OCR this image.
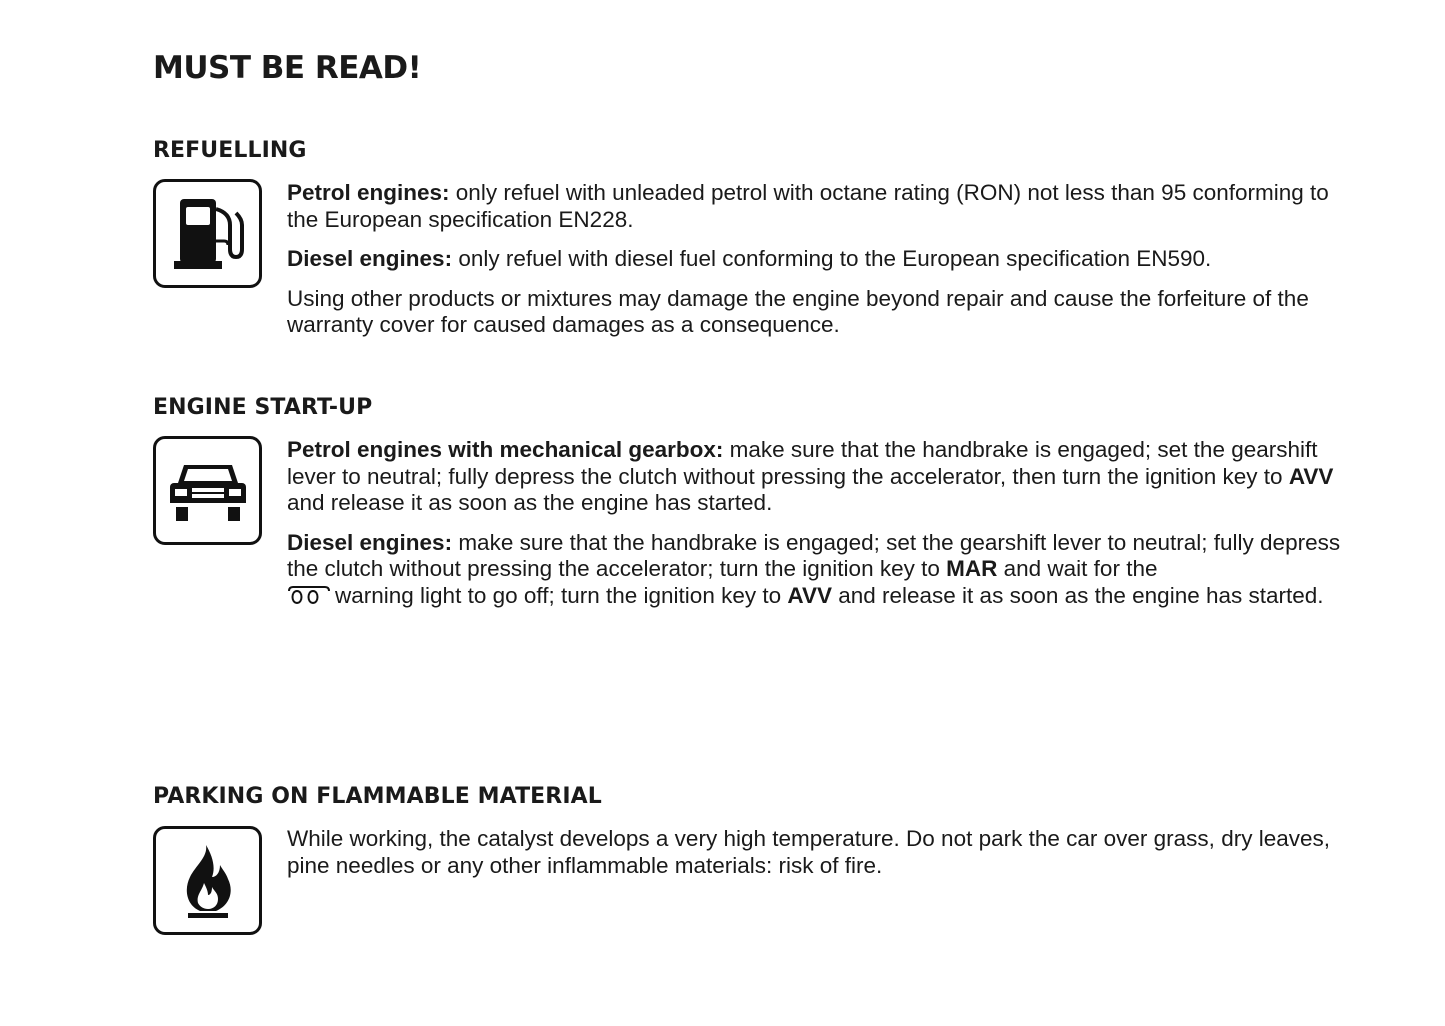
MUST BE READ!
REFUELLING

Petrol engines: only refuel with unleaded petrol with octane rating (RON) not less than 95 conforming to the European specification EN228.

Diesel engines: only refuel with diesel fuel conforming to the European specification EN590.

Using other products or mixtures may damage the engine beyond repair and cause the forfeiture of the warranty cover for caused damages as a consequence.

ENGINE START-UP

Petrol engines with mechanical gearbox: make sure that the handbrake is engaged; set the gearshift lever to neutral; fully depress the clutch without pressing the accelerator, then turn the ignition key to AVV and release it as soon as the engine has started.

Diesel engines: make sure that the handbrake is engaged; set the gearshift lever to neutral; fully depress the clutch without pressing the accelerator; turn the ignition key to MAR and wait for the
warning light to go off; turn the ignition key to AVV and release it as soon as the engine has started.

PARKING ON FLAMMABLE MATERIAL

While working, the catalyst develops a very high temperature. Do not park the car over grass, dry leaves, pine needles or any other inflammable materials: risk of fire.
